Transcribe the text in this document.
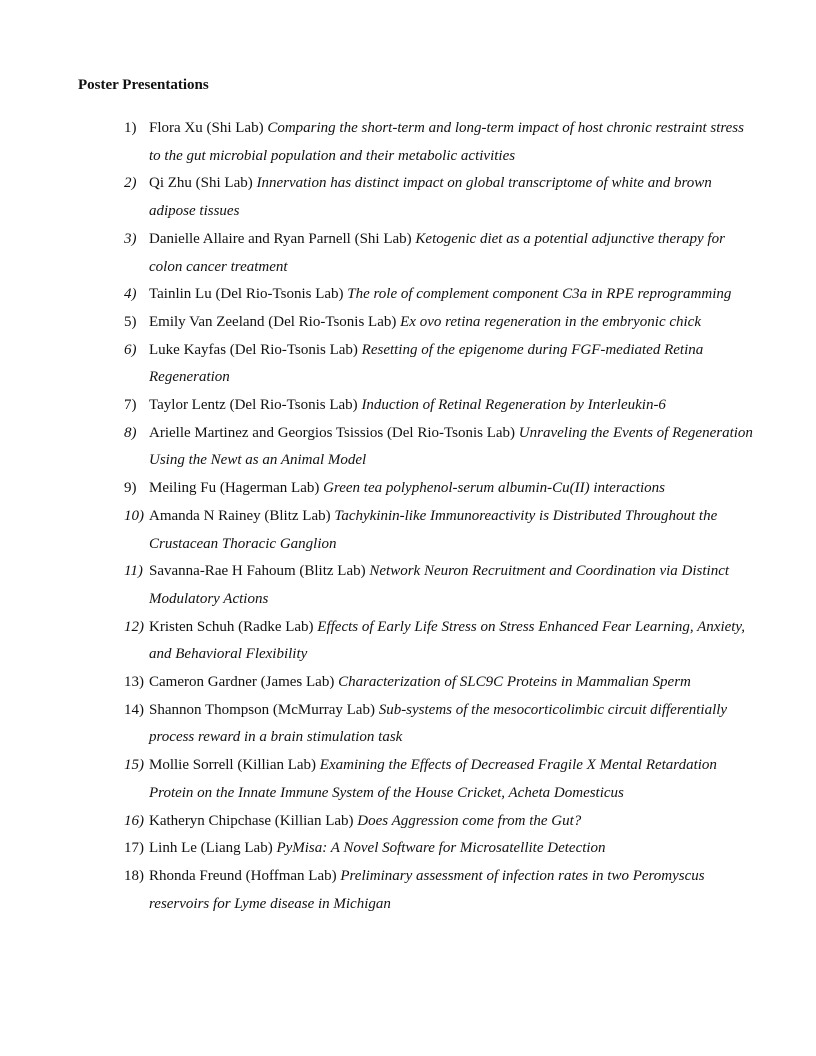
Poster Presentations
1) Flora Xu (Shi Lab) Comparing the short-term and long-term impact of host chronic restraint stress to the gut microbial population and their metabolic activities
2) Qi Zhu (Shi Lab) Innervation has distinct impact on global transcriptome of white and brown adipose tissues
3) Danielle Allaire and Ryan Parnell (Shi Lab) Ketogenic diet as a potential adjunctive therapy for colon cancer treatment
4) Tainlin Lu (Del Rio-Tsonis Lab) The role of complement component C3a in RPE reprogramming
5) Emily Van Zeeland (Del Rio-Tsonis Lab) Ex ovo retina regeneration in the embryonic chick
6) Luke Kayfas (Del Rio-Tsonis Lab) Resetting of the epigenome during FGF-mediated Retina Regeneration
7) Taylor Lentz (Del Rio-Tsonis Lab) Induction of Retinal Regeneration by Interleukin-6
8) Arielle Martinez and Georgios Tsissios (Del Rio-Tsonis Lab) Unraveling the Events of Regeneration Using the Newt as an Animal Model
9) Meiling Fu (Hagerman Lab) Green tea polyphenol-serum albumin-Cu(II) interactions
10) Amanda N Rainey (Blitz Lab) Tachykinin-like Immunoreactivity is Distributed Throughout the Crustacean Thoracic Ganglion
11) Savanna-Rae H Fahoum (Blitz Lab) Network Neuron Recruitment and Coordination via Distinct Modulatory Actions
12) Kristen Schuh (Radke Lab) Effects of Early Life Stress on Stress Enhanced Fear Learning, Anxiety, and Behavioral Flexibility
13) Cameron Gardner (James Lab) Characterization of SLC9C Proteins in Mammalian Sperm
14) Shannon Thompson (McMurray Lab) Sub-systems of the mesocorticolimbic circuit differentially process reward in a brain stimulation task
15) Mollie Sorrell (Killian Lab) Examining the Effects of Decreased Fragile X Mental Retardation Protein on the Innate Immune System of the House Cricket, Acheta Domesticus
16) Katheryn Chipchase (Killian Lab) Does Aggression come from the Gut?
17) Linh Le (Liang Lab) PyMisa: A Novel Software for Microsatellite Detection
18) Rhonda Freund (Hoffman Lab) Preliminary assessment of infection rates in two Peromyscus reservoirs for Lyme disease in Michigan
